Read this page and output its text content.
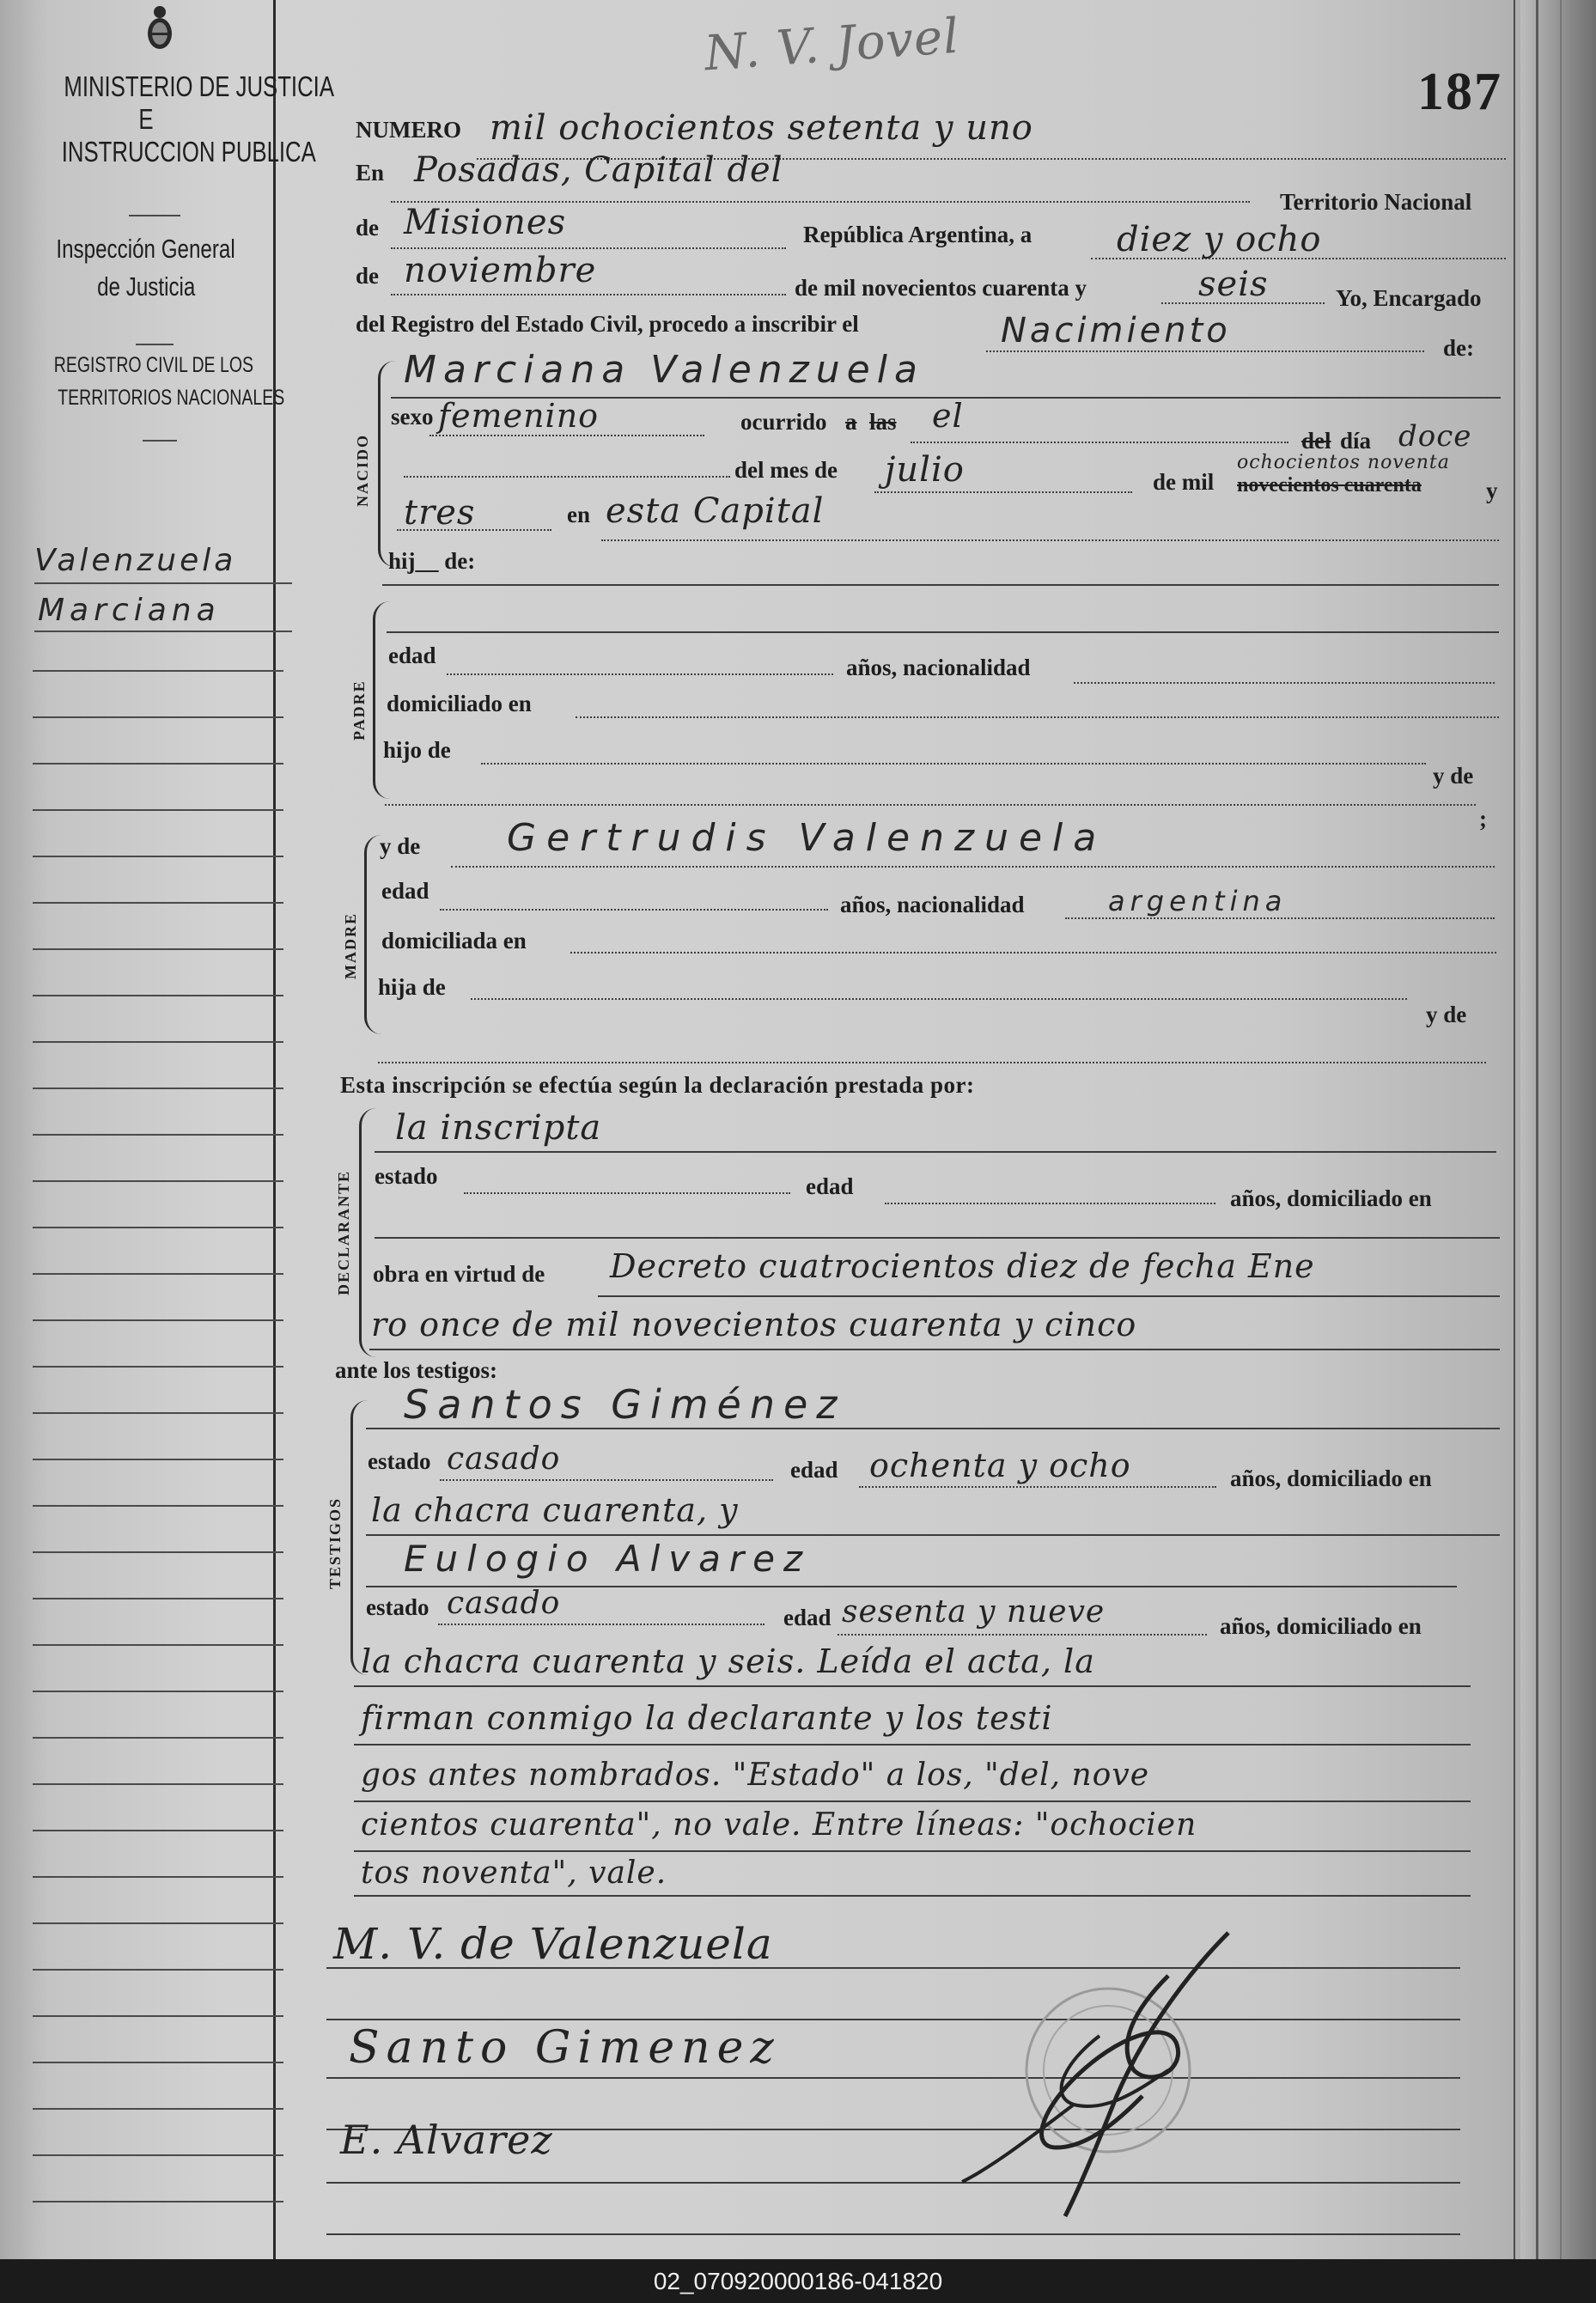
N. V. Jovel
187
MINISTERIO DE JUSTICIA
E
INSTRUCCION PUBLICA
Inspección General
de Justicia
REGISTRO CIVIL DE LOS
TERRITORIOS NACIONALES
Valenzuela
Marciana
NUMERO mil ochocientos setenta y uno
En Posadas, Capital del
Territorio Nacional
de Misiones	República Argentina, a diez y ocho
de noviembre	de mil novecientos cuarenta y	seis	Yo, Encargado
del Registro del Estado Civil, procedo a inscribir el	Nacimiento	de:
Marciana Valenzuela
NACIDO
sexo femenino	ocurrido a las el
del día doce
del mes de julio	de mil
ochocientos noventa
novecientos cuarenta	y
tres	en esta Capital
hij__ de:
PADRE
edad	años, nacionalidad
domiciliado en
hijo de
y de
;
MADRE
y de Gertrudis Valenzuela
edad
años, nacionalidad	argentina
domiciliada en
hija de
y de
Esta inscripción se efectúa según la declaración prestada por:
DECLARANTE
la inscripta
estado	edad	años, domiciliado en
obra en virtud de Decreto cuatrocientos diez de fecha Ene
ro once de mil novecientos cuarenta y cinco
ante los testigos:
TESTIGOS
Santos Giménez
estado casado	edad ochenta y ocho	años, domiciliado en
la chacra cuarenta, y
Eulogio Alvarez
estado casado	edad sesenta y nueve	años, domiciliado en
la chacra cuarenta y seis. Leída el acta, la
firman conmigo la declarante y los testi
gos antes nombrados. "Estado" a los, "del, nove
cientos cuarenta", no vale. Entre líneas: "ochocien
tos noventa", vale.
M. V. de Valenzuela
Santo Gimenez
E. Alvarez
02_070920000186-041820
